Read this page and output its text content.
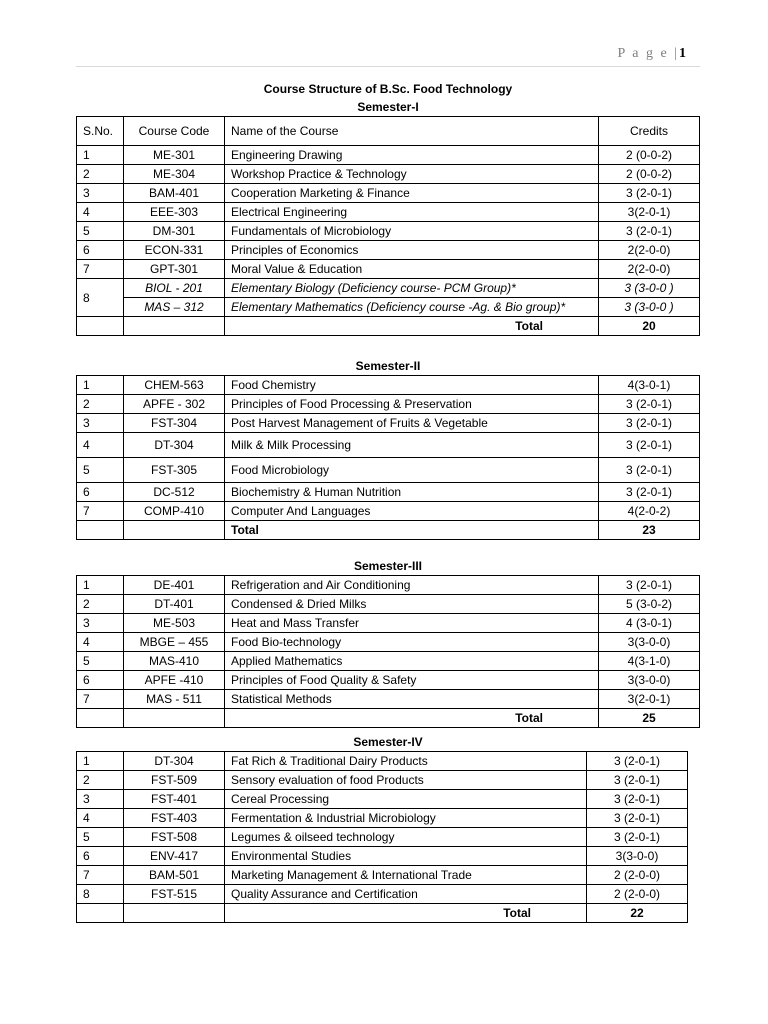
P a g e |1
Course Structure of B.Sc. Food Technology
Semester-I
S.No.	Course Code	Name of the Course	Credits
1	ME-301	Engineering Drawing	2 (0-0-2)
2	ME-304	Workshop Practice & Technology	2 (0-0-2)
3	BAM-401	Cooperation Marketing & Finance	3 (2-0-1)
4	EEE-303	Electrical Engineering	3(2-0-1)
5	DM-301	Fundamentals of Microbiology	3 (2-0-1)
6	ECON-331	Principles of Economics	2(2-0-0)
7	GPT-301	Moral Value & Education	2(2-0-0)
8	BIOL - 201	Elementary Biology (Deficiency course- PCM Group)*	3 (3-0-0 )
	MAS – 312	Elementary Mathematics (Deficiency course -Ag. & Bio group)*	3 (3-0-0 )
		Total	20
Semester-II
1	CHEM-563	Food Chemistry	4(3-0-1)
2	APFE - 302	Principles of Food Processing & Preservation	3 (2-0-1)
3	FST-304	Post Harvest Management of Fruits & Vegetable	3 (2-0-1)
4	DT-304	Milk & Milk Processing	3 (2-0-1)
5	FST-305	Food Microbiology	3 (2-0-1)
6	DC-512	Biochemistry & Human Nutrition	3 (2-0-1)
7	COMP-410	Computer And Languages	4(2-0-2)
		Total	23
Semester-III
1	DE-401	Refrigeration and Air Conditioning	3 (2-0-1)
2	DT-401	Condensed & Dried Milks	5 (3-0-2)
3	ME-503	Heat and Mass Transfer	4 (3-0-1)
4	MBGE – 455	Food Bio-technology	3(3-0-0)
5	MAS-410	Applied Mathematics	4(3-1-0)
6	APFE -410	Principles of Food Quality & Safety	3(3-0-0)
7	MAS - 511	Statistical Methods	3(2-0-1)
		Total	25
Semester-IV
1	DT-304	Fat Rich & Traditional Dairy Products	3 (2-0-1)
2	FST-509	Sensory evaluation of food Products	3 (2-0-1)
3	FST-401	Cereal Processing	3 (2-0-1)
4	FST-403	Fermentation & Industrial Microbiology	3 (2-0-1)
5	FST-508	Legumes & oilseed technology	3 (2-0-1)
6	ENV-417	Environmental Studies	3(3-0-0)
7	BAM-501	Marketing Management & International Trade	2 (2-0-0)
8	FST-515	Quality Assurance and Certification	2 (2-0-0)
		Total	22
